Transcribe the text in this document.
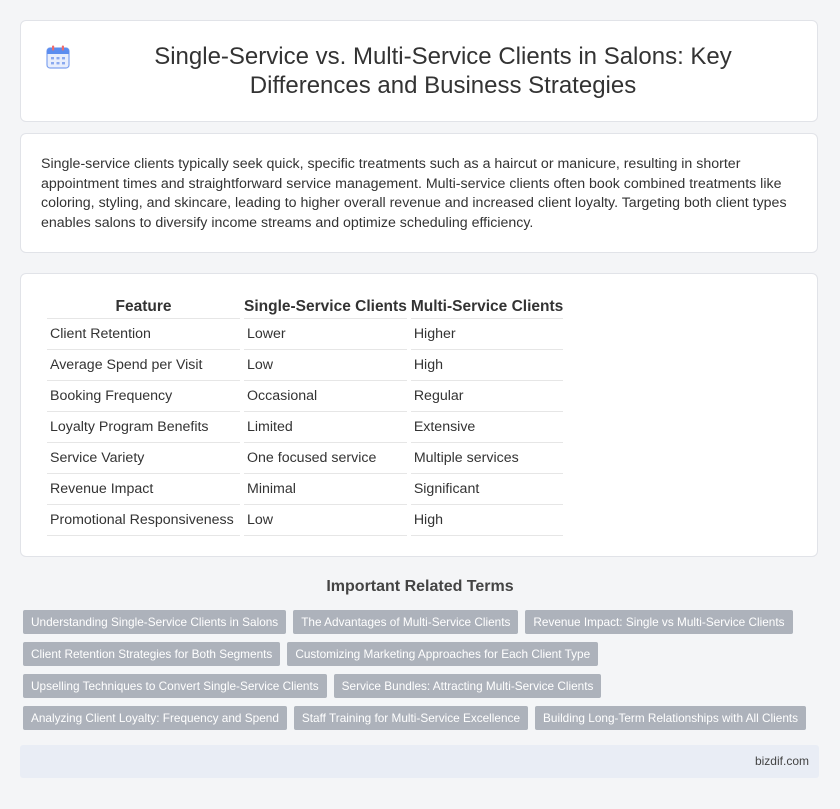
Single-Service vs. Multi-Service Clients in Salons: Key Differences and Business Strategies

Single-service clients typically seek quick, specific treatments such as a haircut or manicure, resulting in shorter appointment times and straightforward service management. Multi-service clients often book combined treatments like coloring, styling, and skincare, leading to higher overall revenue and increased client loyalty. Targeting both client types enables salons to diversify income streams and optimize scheduling efficiency.

Feature	Single-Service Clients	Multi-Service Clients
Client Retention	Lower	Higher
Average Spend per Visit	Low	High
Booking Frequency	Occasional	Regular
Loyalty Program Benefits	Limited	Extensive
Service Variety	One focused service	Multiple services
Revenue Impact	Minimal	Significant
Promotional Responsiveness	Low	High
Important Related Terms
Understanding Single-Service Clients in Salons	The Advantages of Multi-Service Clients	Revenue Impact: Single vs Multi-Service Clients
Client Retention Strategies for Both Segments	Customizing Marketing Approaches for Each Client Type
Upselling Techniques to Convert Single-Service Clients	Service Bundles: Attracting Multi-Service Clients
Analyzing Client Loyalty: Frequency and Spend	Staff Training for Multi-Service Excellence	Building Long-Term Relationships with All Clients
bizdif.com
